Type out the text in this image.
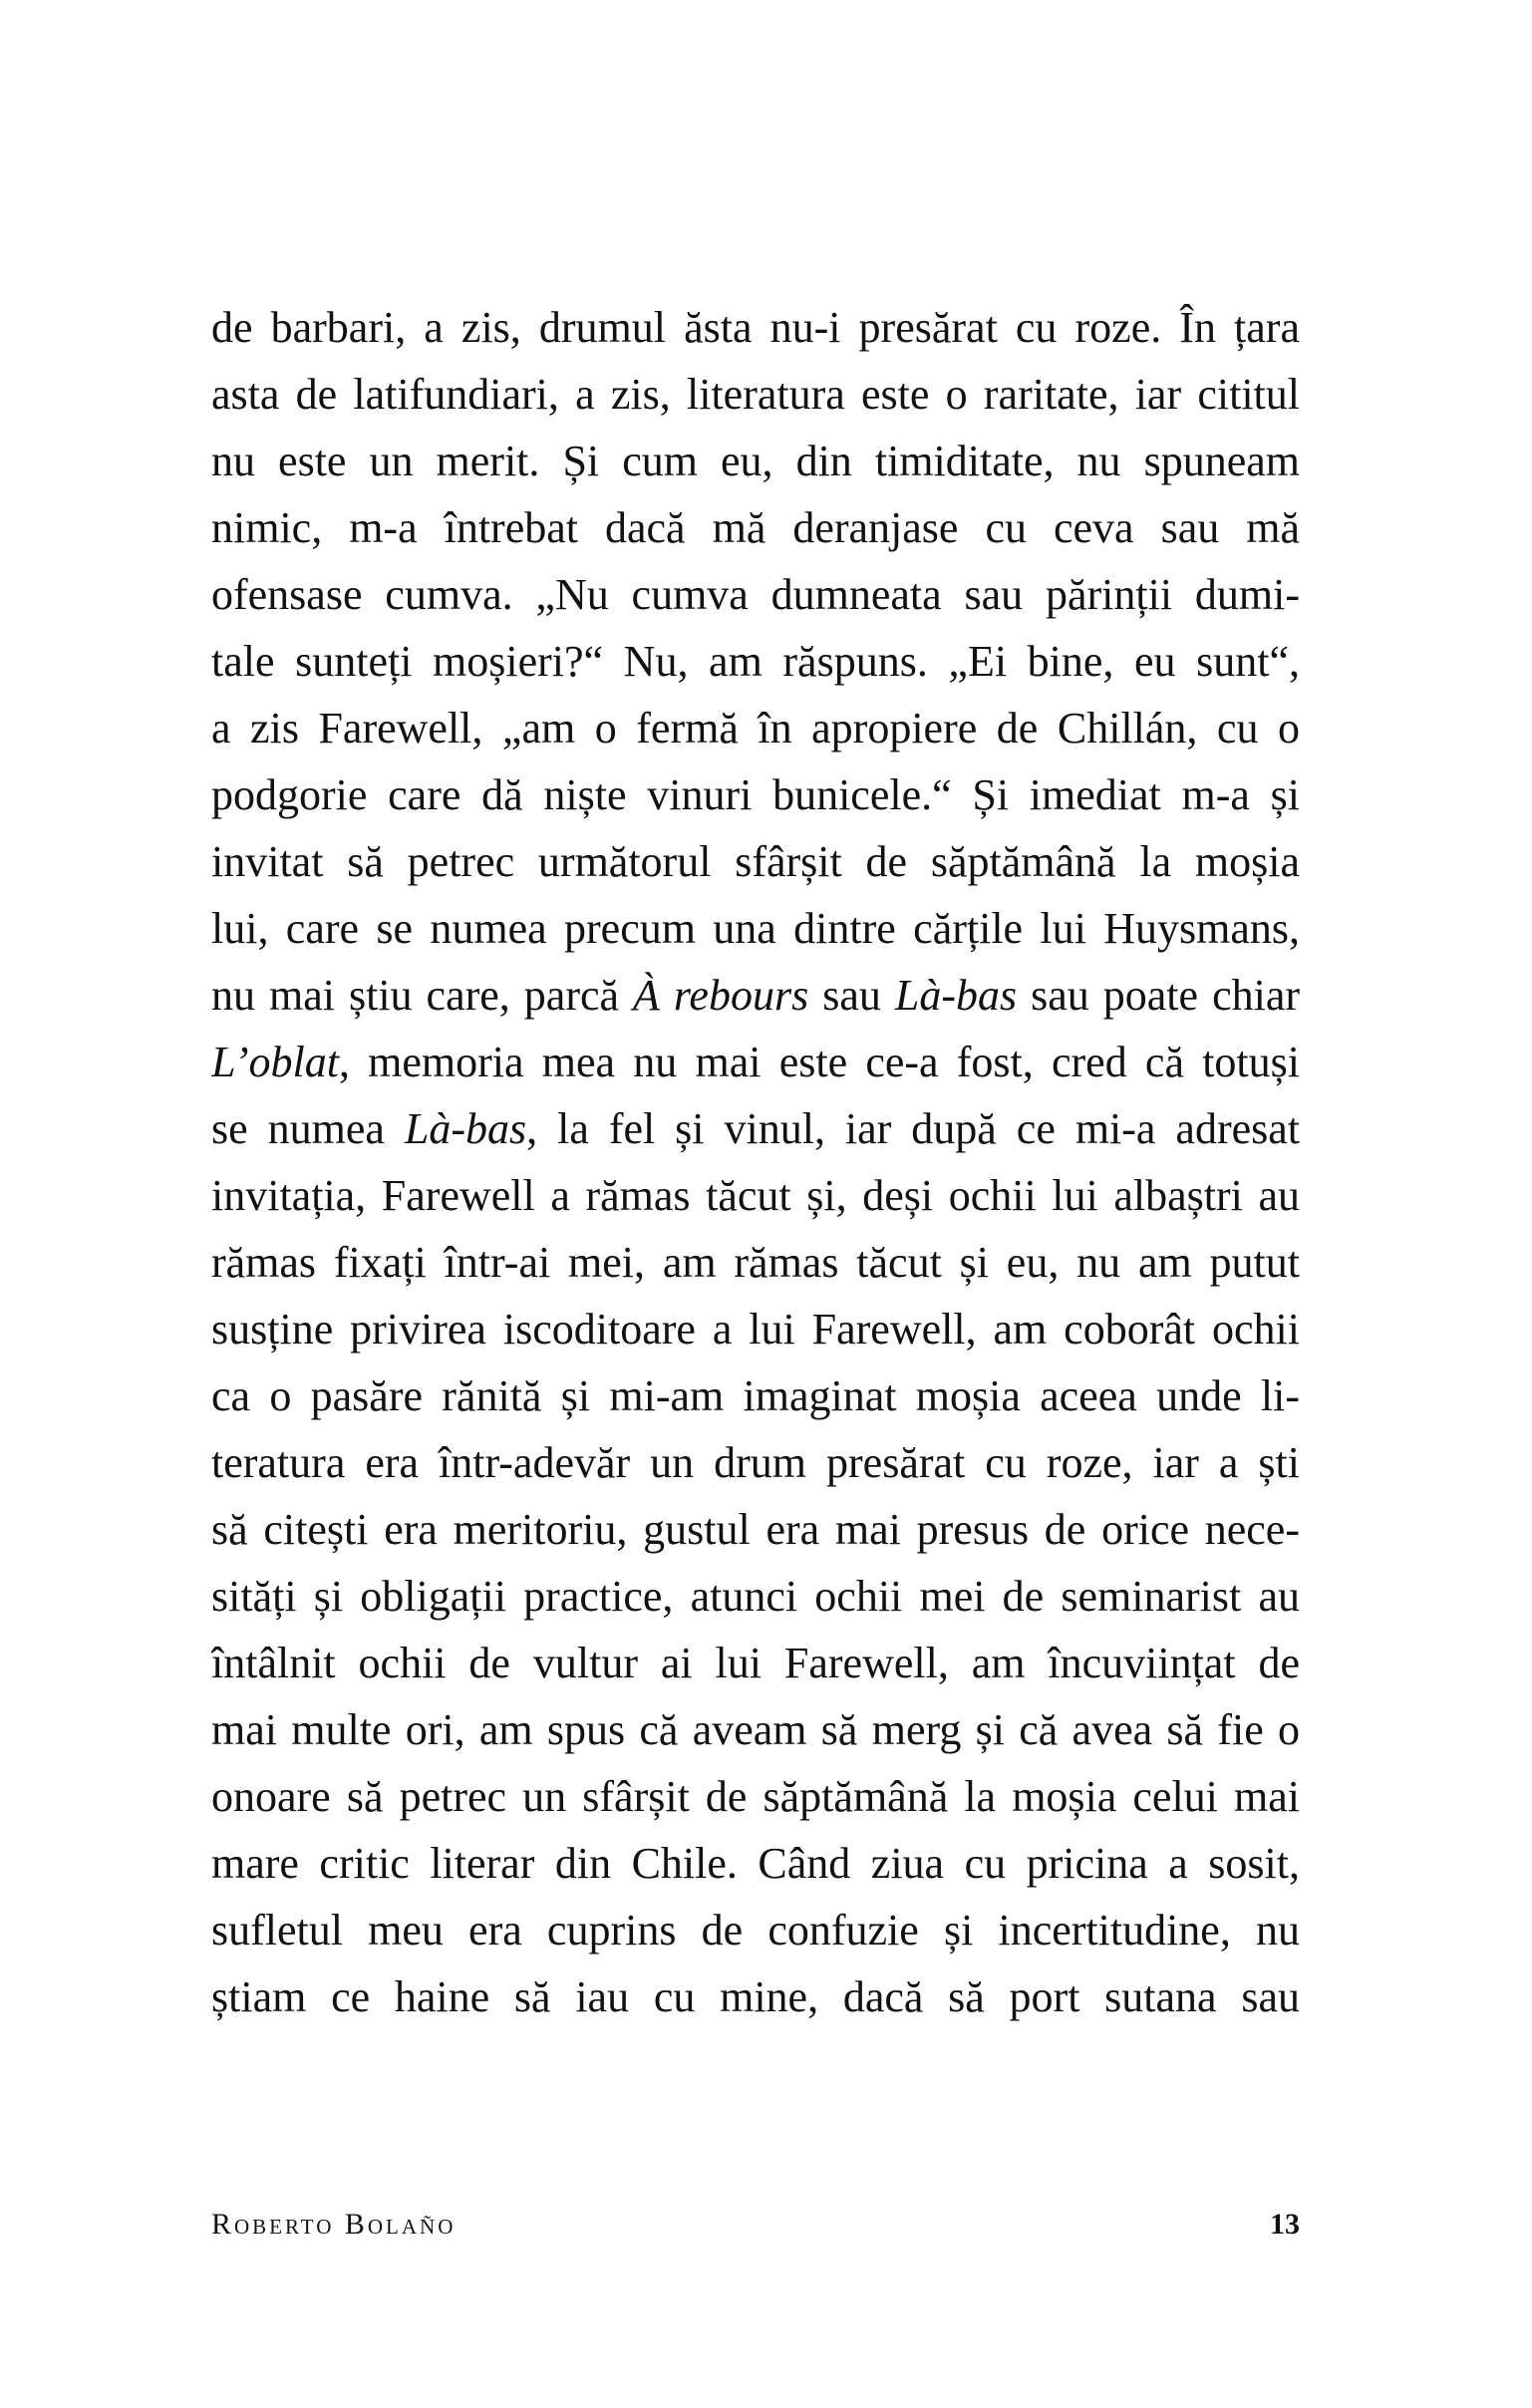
de barbari, a zis, drumul ăsta nu-i presărat cu roze. În țara
asta de latifundiari, a zis, literatura este o raritate, iar cititul
nu este un merit. Și cum eu, din timiditate, nu spuneam
nimic, m-a întrebat dacă mă deranjase cu ceva sau mă
ofensase cumva. „Nu cumva dumneata sau părinții dumi-
tale sunteți moșieri?“ Nu, am răspuns. „Ei bine, eu sunt“,
a zis Farewell, „am o fermă în apropiere de Chillán, cu o
podgorie care dă niște vinuri bunicele.“ Și imediat m-a și
invitat să petrec următorul sfârșit de săptămână la moșia
lui, care se numea precum una dintre cărțile lui Huysmans,
nu mai știu care, parcă À rebours sau Là-bas sau poate chiar
L’oblat, memoria mea nu mai este ce-a fost, cred că totuși
se numea Là-bas, la fel și vinul, iar după ce mi-a adresat
invitația, Farewell a rămas tăcut și, deși ochii lui albaștri au
rămas fixați într-ai mei, am rămas tăcut și eu, nu am putut
susține privirea iscoditoare a lui Farewell, am coborât ochii
ca o pasăre rănită și mi-am imaginat moșia aceea unde li-
teratura era într-adevăr un drum presărat cu roze, iar a ști
să citești era meritoriu, gustul era mai presus de orice nece-
sități și obligații practice, atunci ochii mei de seminarist au
întâlnit ochii de vultur ai lui Farewell, am încuviințat de
mai multe ori, am spus că aveam să merg și că avea să fie o
onoare să petrec un sfârșit de săptămână la moșia celui mai
mare critic literar din Chile. Când ziua cu pricina a sosit,
sufletul meu era cuprins de confuzie și incertitudine, nu
știam ce haine să iau cu mine, dacă să port sutana sau
Roberto Bolaño	13
